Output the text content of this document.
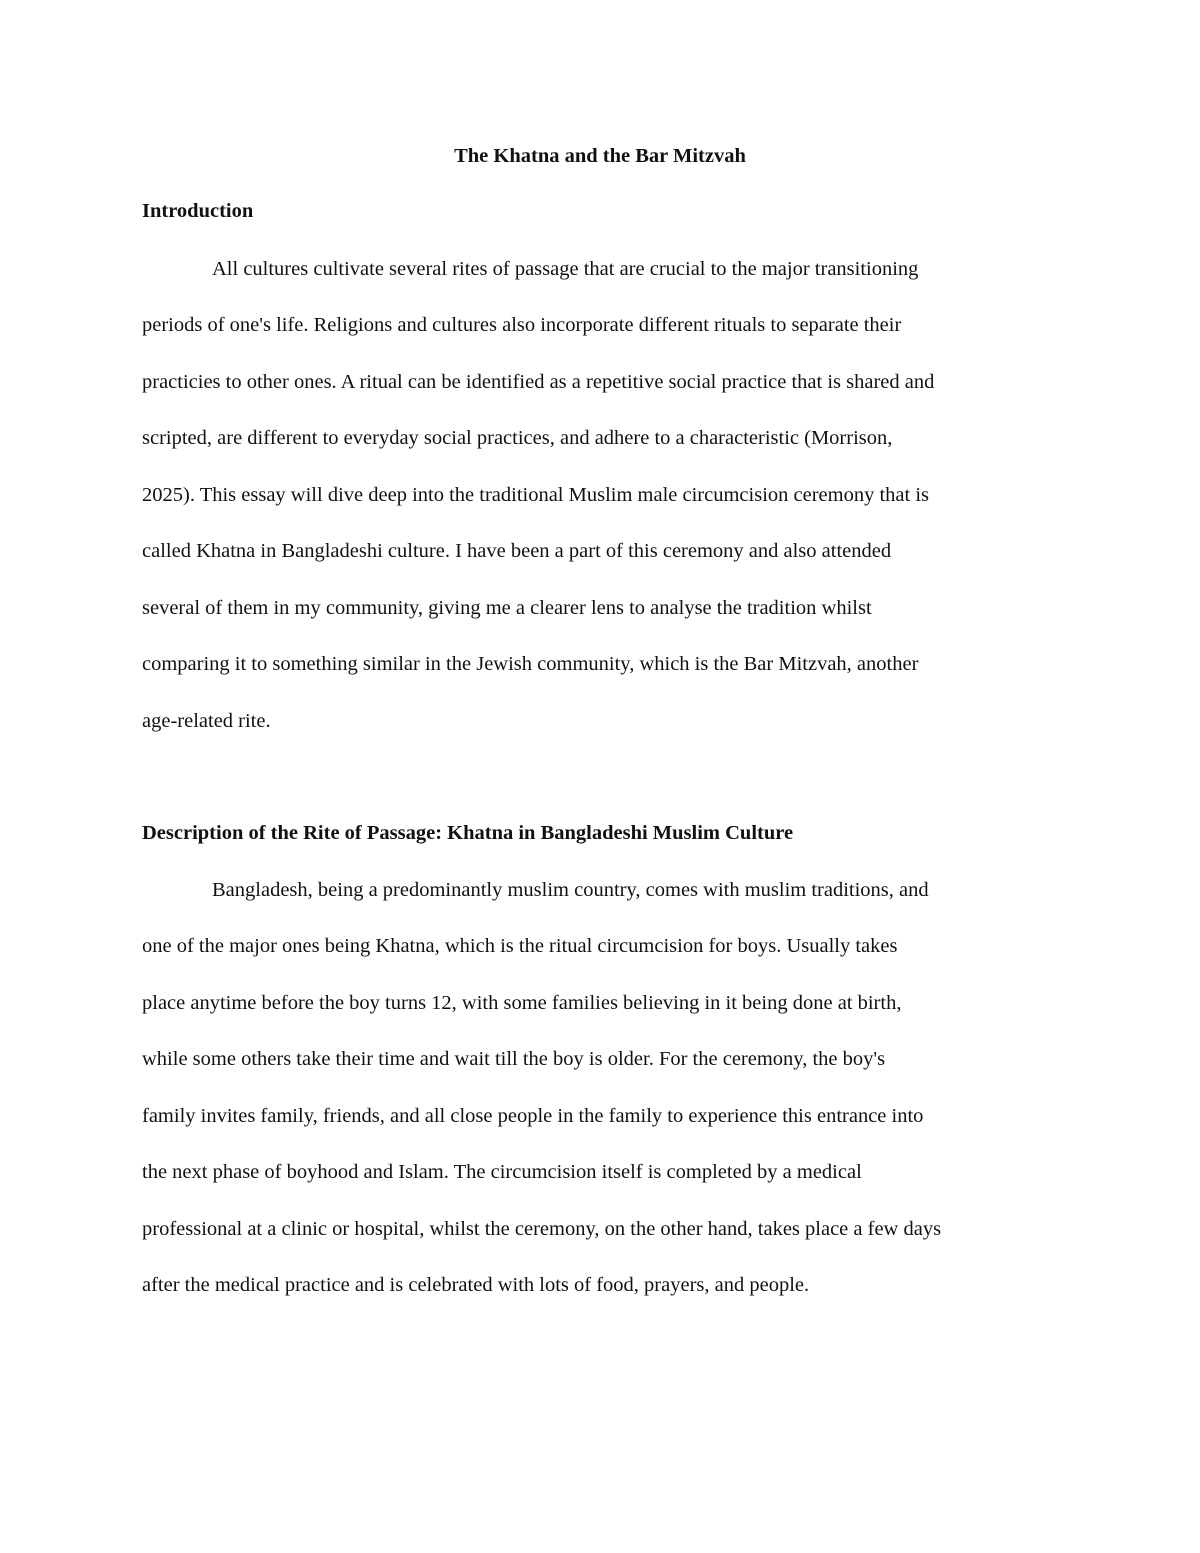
The Khatna and the Bar Mitzvah
Introduction

All cultures cultivate several rites of passage that are crucial to the major transitioning

periods of one's life. Religions and cultures also incorporate different rituals to separate their

practicies to other ones. A ritual can be identified as a repetitive social practice that is shared and

scripted, are different to everyday social practices, and adhere to a characteristic (Morrison,

2025). This essay will dive deep into the traditional Muslim male circumcision ceremony that is

called Khatna in Bangladeshi culture. I have been a part of this ceremony and also attended

several of them in my community, giving me a clearer lens to analyse the tradition whilst

comparing it to something similar in the Jewish community, which is the Bar Mitzvah, another

age-related rite.

Description of the Rite of Passage: Khatna in Bangladeshi Muslim Culture

Bangladesh, being a predominantly muslim country, comes with muslim traditions, and

one of the major ones being Khatna, which is the ritual circumcision for boys. Usually takes

place anytime before the boy turns 12, with some families believing in it being done at birth,

while some others take their time and wait till the boy is older. For the ceremony, the boy's

family invites family, friends, and all close people in the family to experience this entrance into

the next phase of boyhood and Islam. The circumcision itself is completed by a medical

professional at a clinic or hospital, whilst the ceremony, on the other hand, takes place a few days

after the medical practice and is celebrated with lots of food, prayers, and people.
